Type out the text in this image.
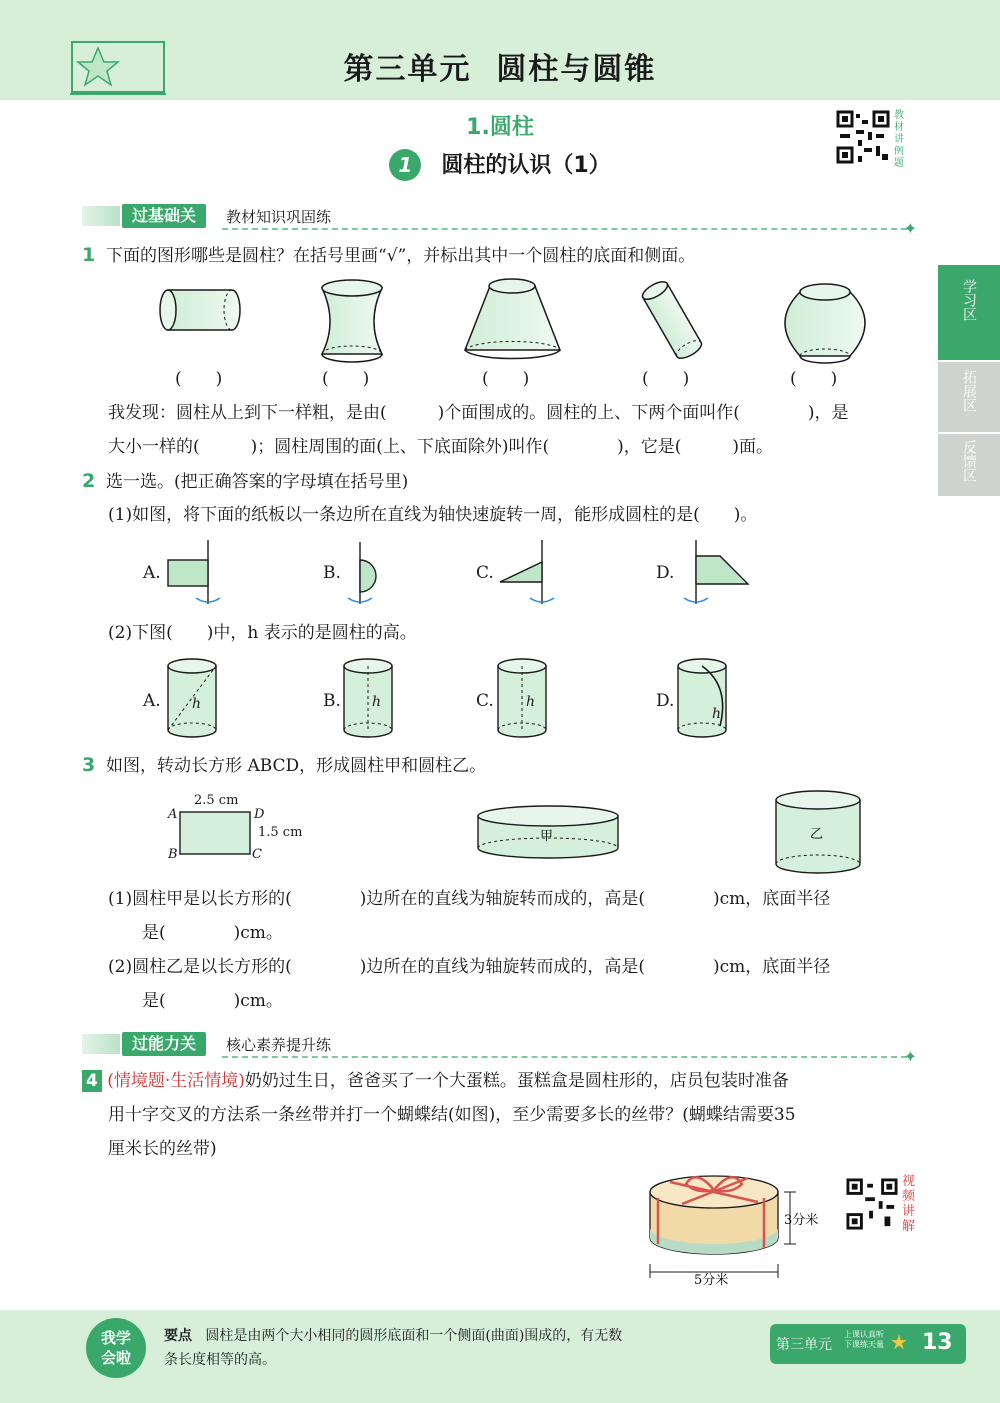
第三单元  圆柱与圆锥
1.圆柱
1 圆柱的认识（1）
教
材
讲
例
题
学习区
拓展区
反馈区
过基础关	教材知识巩固练
✦
1 下面的图形哪些是圆柱？在括号里画“√”，并标出其中一个圆柱的底面和侧面。
(　　)	(　　)	(　　)	(　　)	(　　)
我发现：圆柱从上到下一样粗，是由(　　　)个面围成的。圆柱的上、下两个面叫作(　　　　)，是
大小一样的(　　　)；圆柱周围的面(上、下底面除外)叫作(　　　　)，它是(　　　)面。
2 选一选。(把正确答案的字母填在括号里)
(1)如图，将下面的纸板以一条边所在直线为轴快速旋转一周，能形成圆柱的是(　　)。
A.	B.	C.	D.
(2)下图(　　)中，h 表示的是圆柱的高。
A.	B.	C.	D.
h	h	h
h
3 如图，转动长方形 ABCD，形成圆柱甲和圆柱乙。
2.5 cm
1.5 cm
A
B	C
D
甲	乙
(1)圆柱甲是以长方形的(　　　　)边所在的直线为轴旋转而成的，高是(　　　　)cm，底面半径
是(　　　　)cm。
(2)圆柱乙是以长方形的(　　　　)边所在的直线为轴旋转而成的，高是(　　　　)cm，底面半径
是(　　　　)cm。
过能力关	核心素养提升练
✦
4 (情境题·生活情境)奶奶过生日，爸爸买了一个大蛋糕。蛋糕盒是圆柱形的，店员包装时准备
用十字交叉的方法系一条丝带并打一个蝴蝶结(如图)，至少需要多长的丝带？(蝴蝶结需要35
厘米长的丝带)
3分米
5分米
视
频
讲
解
我学
会啦
要点 圆柱是由两个大小相同的圆形底面和一个侧面(曲面)围成的，有无数
条长度相等的高。
第三单元
上课认真听
下课练天量 ★ 13
